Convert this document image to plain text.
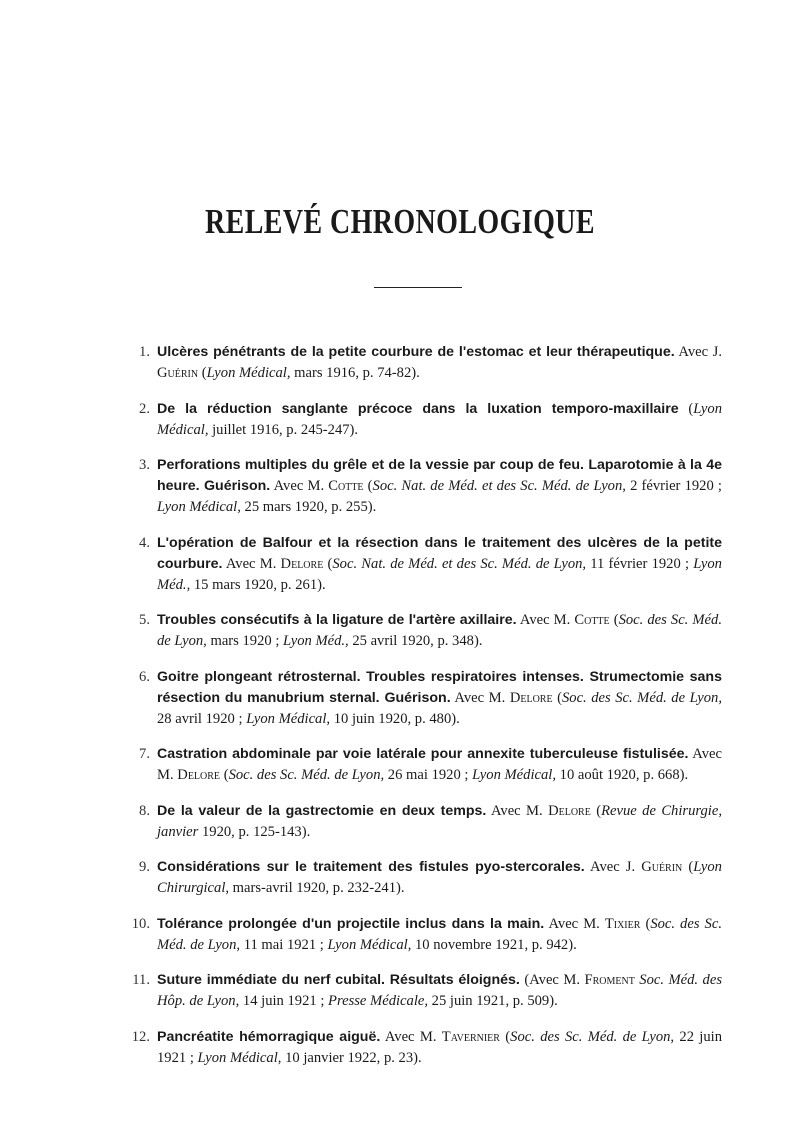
RELEVÉ CHRONOLOGIQUE
1. Ulcères pénétrants de la petite courbure de l'estomac et leur thérapeutique. Avec J. Guérin (Lyon Médical, mars 1916, p. 74-82).
2. De la réduction sanglante précoce dans la luxation temporo-maxillaire (Lyon Médical, juillet 1916, p. 245-247).
3. Perforations multiples du grêle et de la vessie par coup de feu. Laparotomie à la 4e heure. Guérison. Avec M. Cotte (Soc. Nat. de Méd. et des Sc. Méd. de Lyon, 2 février 1920 ; Lyon Médical, 25 mars 1920, p. 255).
4. L'opération de Balfour et la résection dans le traitement des ulcères de la petite courbure. Avec M. Delore (Soc. Nat. de Méd. et des Sc. Méd. de Lyon, 11 février 1920 ; Lyon Méd., 15 mars 1920, p. 261).
5. Troubles consécutifs à la ligature de l'artère axillaire. Avec M. Cotte (Soc. des Sc. Méd. de Lyon, mars 1920 ; Lyon Méd., 25 avril 1920, p. 348).
6. Goitre plongeant rétrosternal. Troubles respiratoires intenses. Strumectomie sans résection du manubrium sternal. Guérison. Avec M. Delore (Soc. des Sc. Méd. de Lyon, 28 avril 1920 ; Lyon Médical, 10 juin 1920, p. 480).
7. Castration abdominale par voie latérale pour annexite tuberculeuse fistulisée. Avec M. Delore (Soc. des Sc. Méd. de Lyon, 26 mai 1920 ; Lyon Médical, 10 août 1920, p. 668).
8. De la valeur de la gastrectomie en deux temps. Avec M. Delore (Revue de Chirurgie, janvier 1920, p. 125-143).
9. Considérations sur le traitement des fistules pyo-stercorales. Avec J. Guérin (Lyon Chirurgical, mars-avril 1920, p. 232-241).
10. Tolérance prolongée d'un projectile inclus dans la main. Avec M. Tixier (Soc. des Sc. Méd. de Lyon, 11 mai 1921 ; Lyon Médical, 10 novembre 1921, p. 942).
11. Suture immédiate du nerf cubital. Résultats éloignés. (Avec M. Froment Soc. Méd. des Hôp. de Lyon, 14 juin 1921 ; Presse Médicale, 25 juin 1921, p. 509).
12. Pancréatite hémorragique aiguë. Avec M. Tavernier (Soc. des Sc. Méd. de Lyon, 22 juin 1921 ; Lyon Médical, 10 janvier 1922, p. 23).
